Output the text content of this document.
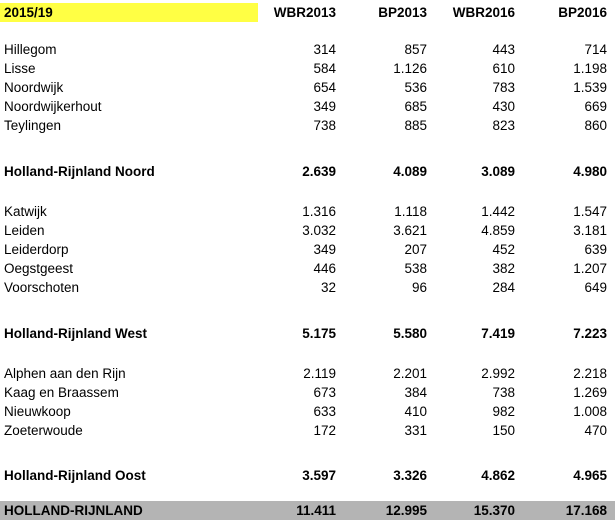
2015/19	WBR2013	BP2013	WBR2016	BP2016
Hillegom	314	857	443	714
Lisse	584	1.126	610	1.198
Noordwijk	654	536	783	1.539
Noordwijkerhout	349	685	430	669
Teylingen	738	885	823	860
Holland-Rijnland Noord	2.639	4.089	3.089	4.980
Katwijk	1.316	1.118	1.442	1.547
Leiden	3.032	3.621	4.859	3.181
Leiderdorp	349	207	452	639
Oegstgeest	446	538	382	1.207
Voorschoten	32	96	284	649
Holland-Rijnland West	5.175	5.580	7.419	7.223
Alphen aan den Rijn	2.119	2.201	2.992	2.218
Kaag en Braassem	673	384	738	1.269
Nieuwkoop	633	410	982	1.008
Zoeterwoude	172	331	150	470
Holland-Rijnland Oost	3.597	3.326	4.862	4.965
HOLLAND-RIJNLAND	11.411	12.995	15.370	17.168
